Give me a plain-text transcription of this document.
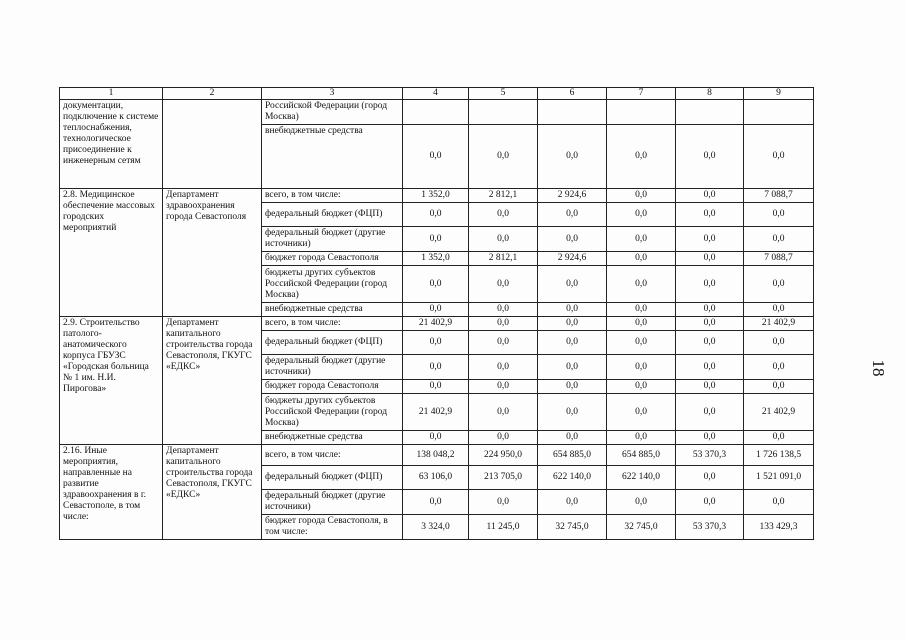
1	2	3	4	5	6	7	8	9
документации, подключение к системе теплоснабжения, технологическое присоединение к инженерным сетям		Российской Федерации (город Москва)						
		внебюджетные средства	0,0	0,0	0,0	0,0	0,0	0,0
2.8. Медицинское обеспечение массовых городских мероприятий	Департамент здравоохранения города Севастополя	всего, в том числе:	1 352,0	2 812,1	2 924,6	0,0	0,0	7 088,7
		федеральный бюджет (ФЦП)	0,0	0,0	0,0	0,0	0,0	0,0
		федеральный бюджет (другие источники)	0,0	0,0	0,0	0,0	0,0	0,0
		бюджет города Севастополя	1 352,0	2 812,1	2 924,6	0,0	0,0	7 088,7
		бюджеты других субъектов Российской Федерации (город Москва)	0,0	0,0	0,0	0,0	0,0	0,0
		внебюджетные средства	0,0	0,0	0,0	0,0	0,0	0,0
2.9. Строительство патолого-анатомического корпуса ГБУЗС «Городская больница № 1 им. Н.И. Пирогова»	Департамент капитального строительства города Севастополя, ГКУГС «ЕДКС»	всего, в том числе:	21 402,9	0,0	0,0	0,0	0,0	21 402,9
		федеральный бюджет (ФЦП)	0,0	0,0	0,0	0,0	0,0	0,0
		федеральный бюджет (другие источники)	0,0	0,0	0,0	0,0	0,0	0,0
		бюджет города Севастополя	0,0	0,0	0,0	0,0	0,0	0,0
		бюджеты других субъектов Российской Федерации (город Москва)	21 402,9	0,0	0,0	0,0	0,0	21 402,9
		внебюджетные средства	0,0	0,0	0,0	0,0	0,0	0,0
2.16. Иные мероприятия, направленные на развитие здравоохранения в г. Севастополе, в том числе:	Департамент капитального строительства города Севастополя, ГКУГС «ЕДКС»	всего, в том числе:	138 048,2	224 950,0	654 885,0	654 885,0	53 370,3	1 726 138,5
		федеральный бюджет (ФЦП)	63 106,0	213 705,0	622 140,0	622 140,0	0,0	1 521 091,0
		федеральный бюджет (другие источники)	0,0	0,0	0,0	0,0	0,0	0,0
		бюджет города Севастополя, в том числе:	3 324,0	11 245,0	32 745,0	32 745,0	53 370,3	133 429,3
18
